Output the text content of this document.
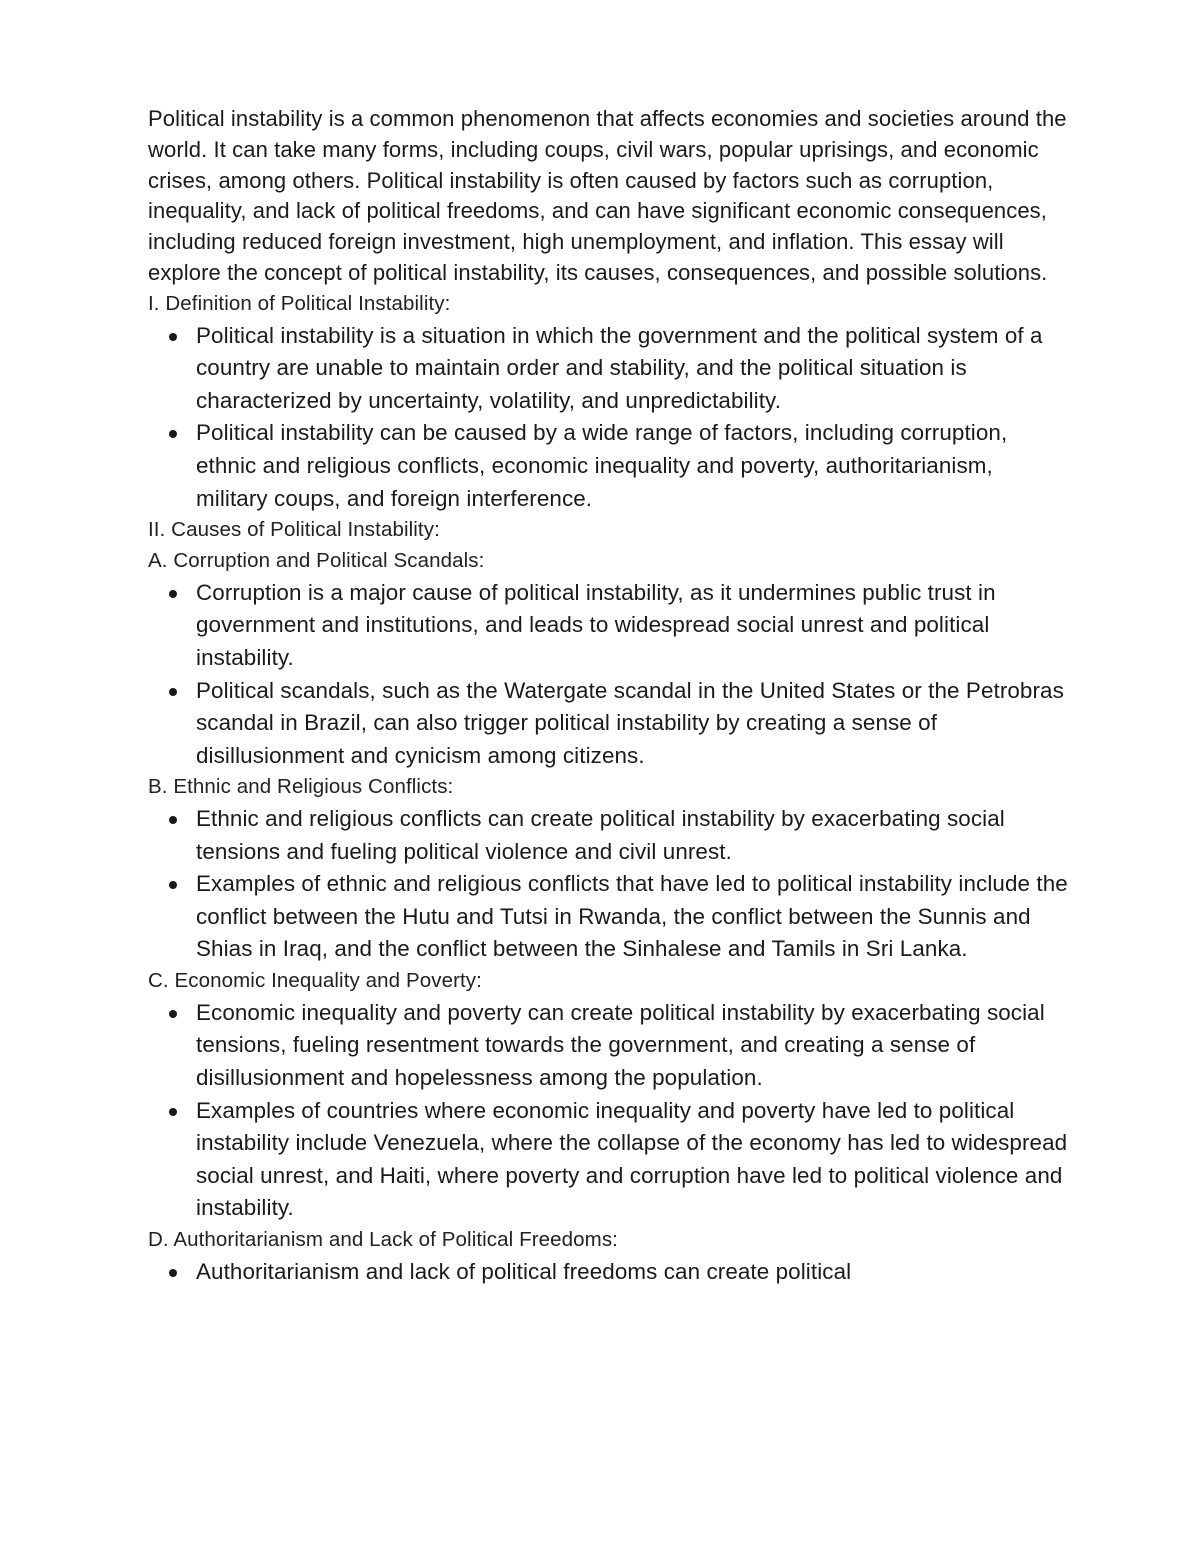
Political instability is a common phenomenon that affects economies and societies around the world. It can take many forms, including coups, civil wars, popular uprisings, and economic crises, among others. Political instability is often caused by factors such as corruption, inequality, and lack of political freedoms, and can have significant economic consequences, including reduced foreign investment, high unemployment, and inflation. This essay will explore the concept of political instability, its causes, consequences, and possible solutions.

I. Definition of Political Instability:

Political instability is a situation in which the government and the political system of a country are unable to maintain order and stability, and the political situation is characterized by uncertainty, volatility, and unpredictability.
Political instability can be caused by a wide range of factors, including corruption, ethnic and religious conflicts, economic inequality and poverty, authoritarianism, military coups, and foreign interference.

II. Causes of Political Instability:

A. Corruption and Political Scandals:

Corruption is a major cause of political instability, as it undermines public trust in government and institutions, and leads to widespread social unrest and political instability.
Political scandals, such as the Watergate scandal in the United States or the Petrobras scandal in Brazil, can also trigger political instability by creating a sense of disillusionment and cynicism among citizens.

B. Ethnic and Religious Conflicts:

Ethnic and religious conflicts can create political instability by exacerbating social tensions and fueling political violence and civil unrest.
Examples of ethnic and religious conflicts that have led to political instability include the conflict between the Hutu and Tutsi in Rwanda, the conflict between the Sunnis and Shias in Iraq, and the conflict between the Sinhalese and Tamils in Sri Lanka.

C. Economic Inequality and Poverty:

Economic inequality and poverty can create political instability by exacerbating social tensions, fueling resentment towards the government, and creating a sense of disillusionment and hopelessness among the population.
Examples of countries where economic inequality and poverty have led to political instability include Venezuela, where the collapse of the economy has led to widespread social unrest, and Haiti, where poverty and corruption have led to political violence and instability.

D. Authoritarianism and Lack of Political Freedoms:

Authoritarianism and lack of political freedoms can create political
